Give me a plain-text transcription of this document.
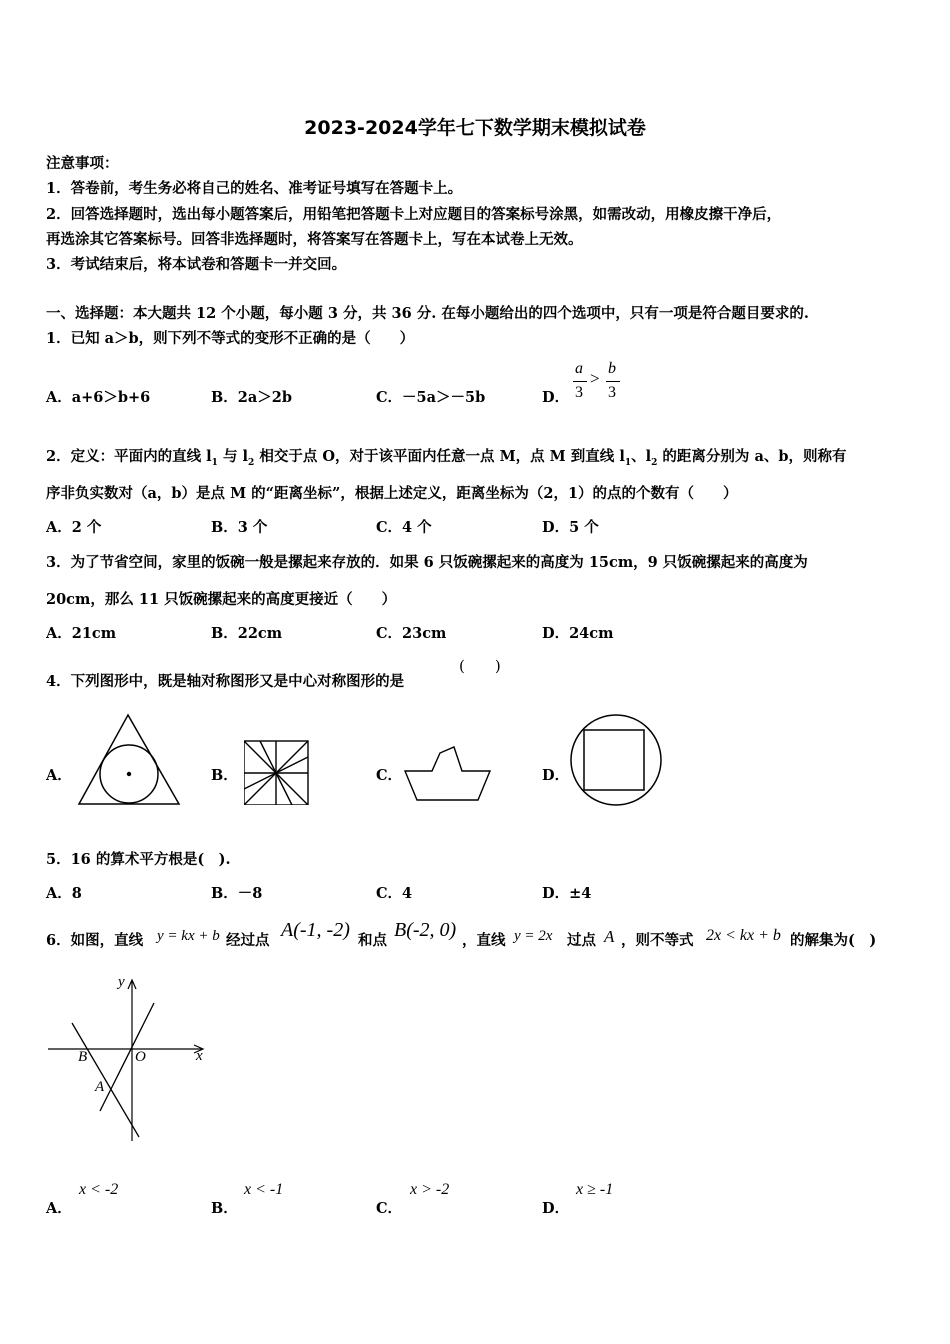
2023-2024学年七下数学期末模拟试卷
注意事项：
1．答卷前，考生务必将自己的姓名、准考证号填写在答题卡上。
2．回答选择题时，选出每小题答案后，用铅笔把答题卡上对应题目的答案标号涂黑，如需改动，用橡皮擦干净后，
再选涂其它答案标号。回答非选择题时，将答案写在答题卡上，写在本试卷上无效。
3．考试结束后，将本试卷和答题卡一并交回。
一、选择题：本大题共 12 个小题，每小题 3 分，共 36 分. 在每小题给出的四个选项中，只有一项是符合题目要求的.
1．已知 a＞b，则下列不等式的变形不正确的是（　　）
A．a+6＞b+6	B．2a＞2b	C．－5a＞－5b	D．
a
3
>
b
3
2．定义：平面内的直线 $l_1$ 与 $l_2$ 相交于点 O，对于该平面内任意一点 M，点 M 到直线 $l_1$、$l_2$ 的距离分别为 a、b，则称有
序非负实数对（a，b）是点 M 的“距离坐标”，根据上述定义，距离坐标为（2，1）的点的个数有（　　）
A．2 个	B．3 个	C．4 个	D．5 个
3．为了节省空间，家里的饭碗一般是摞起来存放的．如果 6 只饭碗摞起来的高度为 15cm，9 只饭碗摞起来的高度为
20cm，那么 11 只饭碗摞起来的高度更接近（　　）
A．21cm	B．22cm	C．23cm	D．24cm
4．下列图形中，既是轴对称图形又是中心对称图形的是
(　　)
A．	B．	C．	D．
5．16 的算术平方根是(　).
A．8	B．－8	C．4	D．±4
6．如图，直线 y = kx + b 经过点 A(-1, -2) 和点 B(-2, 0) ，直线 y = 2x 过点 A ，则不等式 2x < kx + b 的解集为(　)
y
x
O
B
A
A．
x < -2
B．
x < -1
C．
x > -2
D．
x ≥ -1
